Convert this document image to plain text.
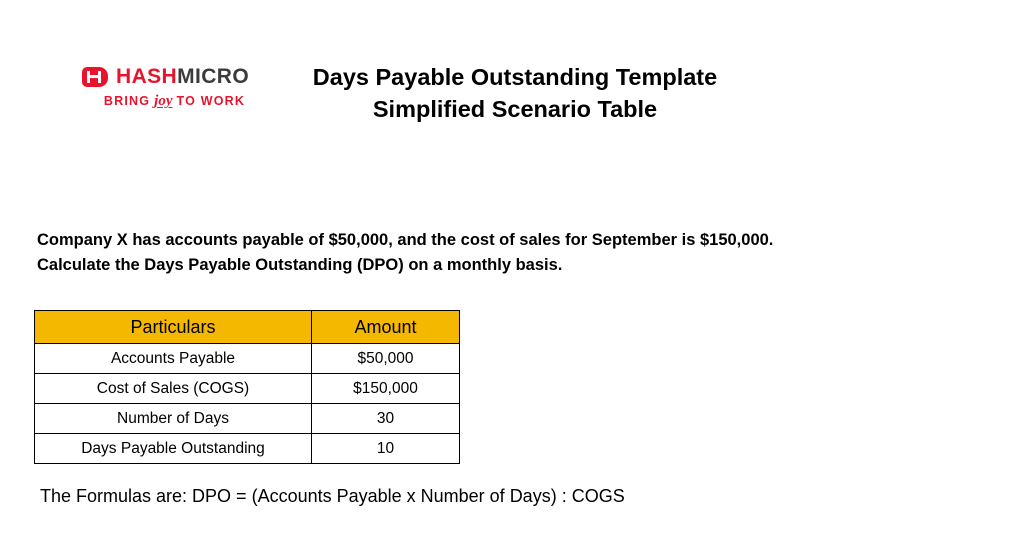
HASHMICRO
BRING joy TO WORK
Days Payable Outstanding Template
Simplified Scenario Table
Company X has accounts payable of $50,000, and the cost of sales for September is $150,000.
Calculate the Days Payable Outstanding (DPO) on a monthly basis.
Particulars	Amount
Accounts Payable	$50,000
Cost of Sales (COGS)	$150,000
Number of Days	30
Days Payable Outstanding	10
The Formulas are: DPO = (Accounts Payable x Number of Days) : COGS
